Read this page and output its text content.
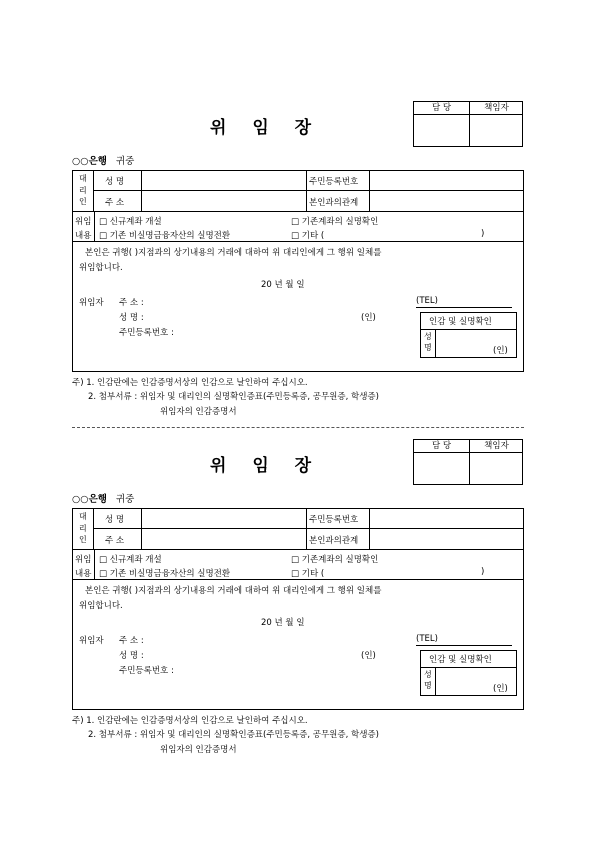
위 임 장
담 당	책임자
○○은행 귀중
대
리
인
성 명	주민등록번호
주 소	본인과의관계
위임
내용
□ 신규계좌 개설	□ 기존계좌의 실명확인
□ 기존 비실명금융자산의 실명전환	□ 기타 (	)
본인은 귀행( )지점과의 상기내용의 거래에 대하여 위 대리인에게 그 행위 일체를
위임합니다.
20 년 월 일
위임자 주 소 :	(TEL)
성 명 :	(인)
주민등록번호 :
인감 및 실명확인
성
명	(인)
주) 1. 인감란에는 인감증명서상의 인감으로 날인하여 주십시오.
2. 첨부서류 : 위임자 및 대리인의 실명확인증표(주민등록증, 공무원증, 학생증)
위임자의 인감증명서
위 임 장
담 당	책임자
○○은행 귀중
대
리
인
성 명	주민등록번호
주 소	본인과의관계
위임
내용
□ 신규계좌 개설	□ 기존계좌의 실명확인
□ 기존 비실명금융자산의 실명전환	□ 기타 (	)
본인은 귀행( )지점과의 상기내용의 거래에 대하여 위 대리인에게 그 행위 일체를
위임합니다.
20 년 월 일
위임자 주 소 :	(TEL)
성 명 :	(인)
주민등록번호 :
인감 및 실명확인
성
명	(인)
주) 1. 인감란에는 인감증명서상의 인감으로 날인하여 주십시오.
2. 첨부서류 : 위임자 및 대리인의 실명확인증표(주민등록증, 공무원증, 학생증)
위임자의 인감증명서
